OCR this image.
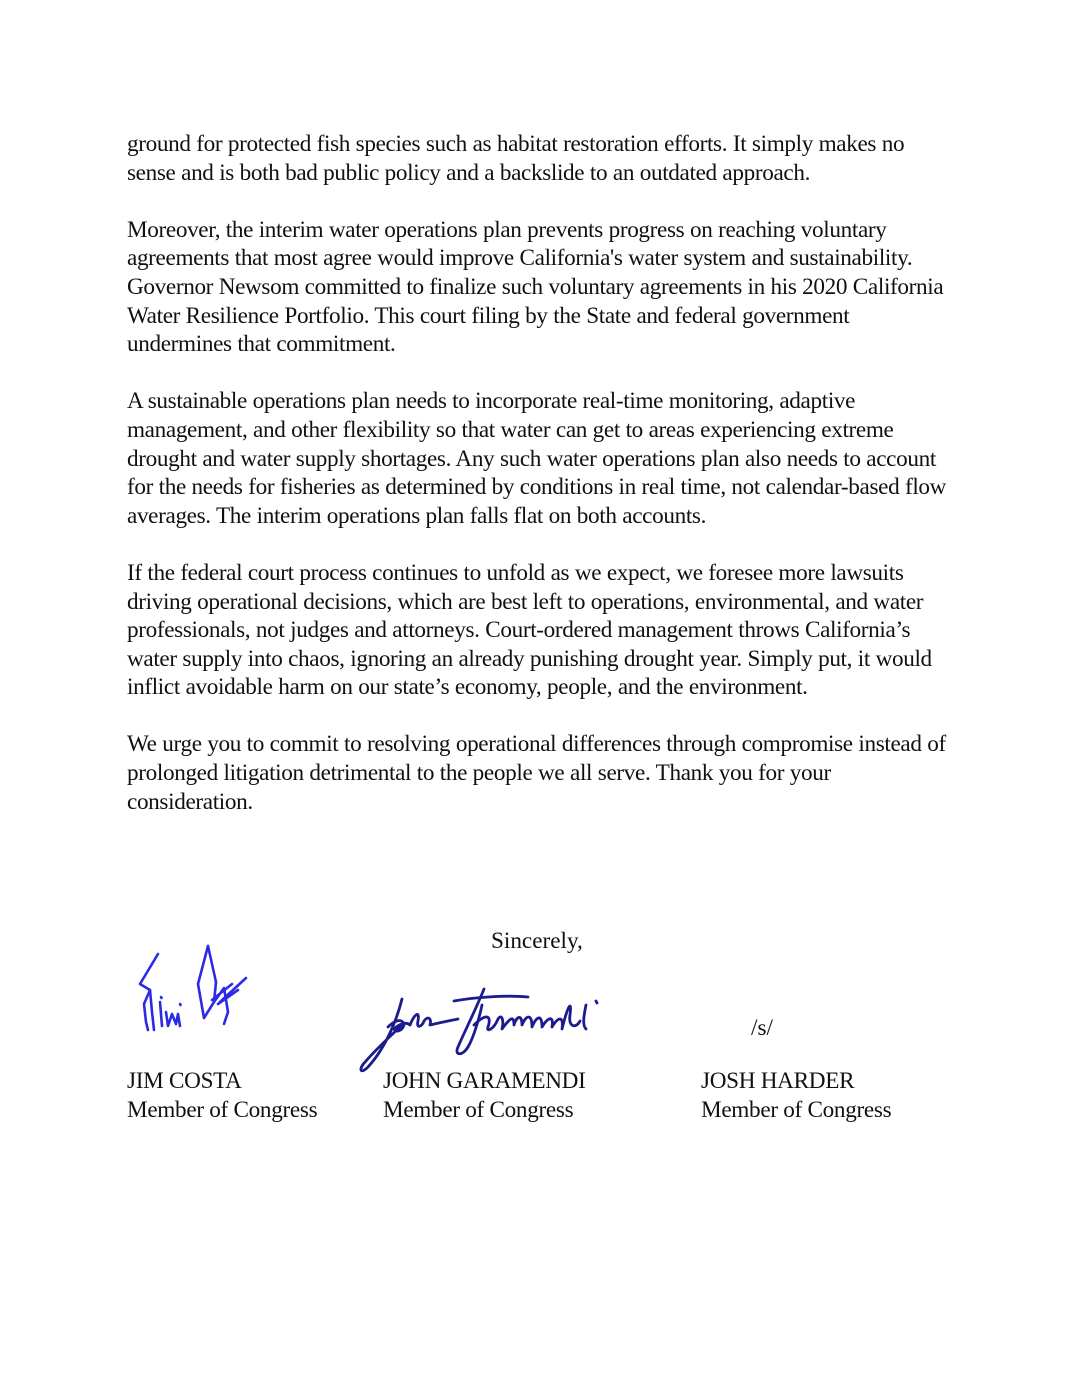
ground for protected fish species such as habitat restoration efforts. It simply makes no sense and is both bad public policy and a backslide to an outdated approach.

Moreover, the interim water operations plan prevents progress on reaching voluntary agreements that most agree would improve California's water system and sustainability. Governor Newsom committed to finalize such voluntary agreements in his 2020 California Water Resilience Portfolio. This court filing by the State and federal government undermines that commitment.

A sustainable operations plan needs to incorporate real-time monitoring, adaptive management, and other flexibility so that water can get to areas experiencing extreme drought and water supply shortages. Any such water operations plan also needs to account for the needs for fisheries as determined by conditions in real time, not calendar-based flow averages. The interim operations plan falls flat on both accounts.

If the federal court process continues to unfold as we expect, we foresee more lawsuits driving operational decisions, which are best left to operations, environmental, and water professionals, not judges and attorneys. Court-ordered management throws California’s water supply into chaos, ignoring an already punishing drought year. Simply put, it would inflict avoidable harm on our state’s economy, people, and the environment.

We urge you to commit to resolving operational differences through compromise instead of prolonged litigation detrimental to the people we all serve. Thank you for your consideration.

Sincerely,
/s/
JIM COSTA
Member of Congress
JOHN GARAMENDI
Member of Congress
JOSH HARDER
Member of Congress
